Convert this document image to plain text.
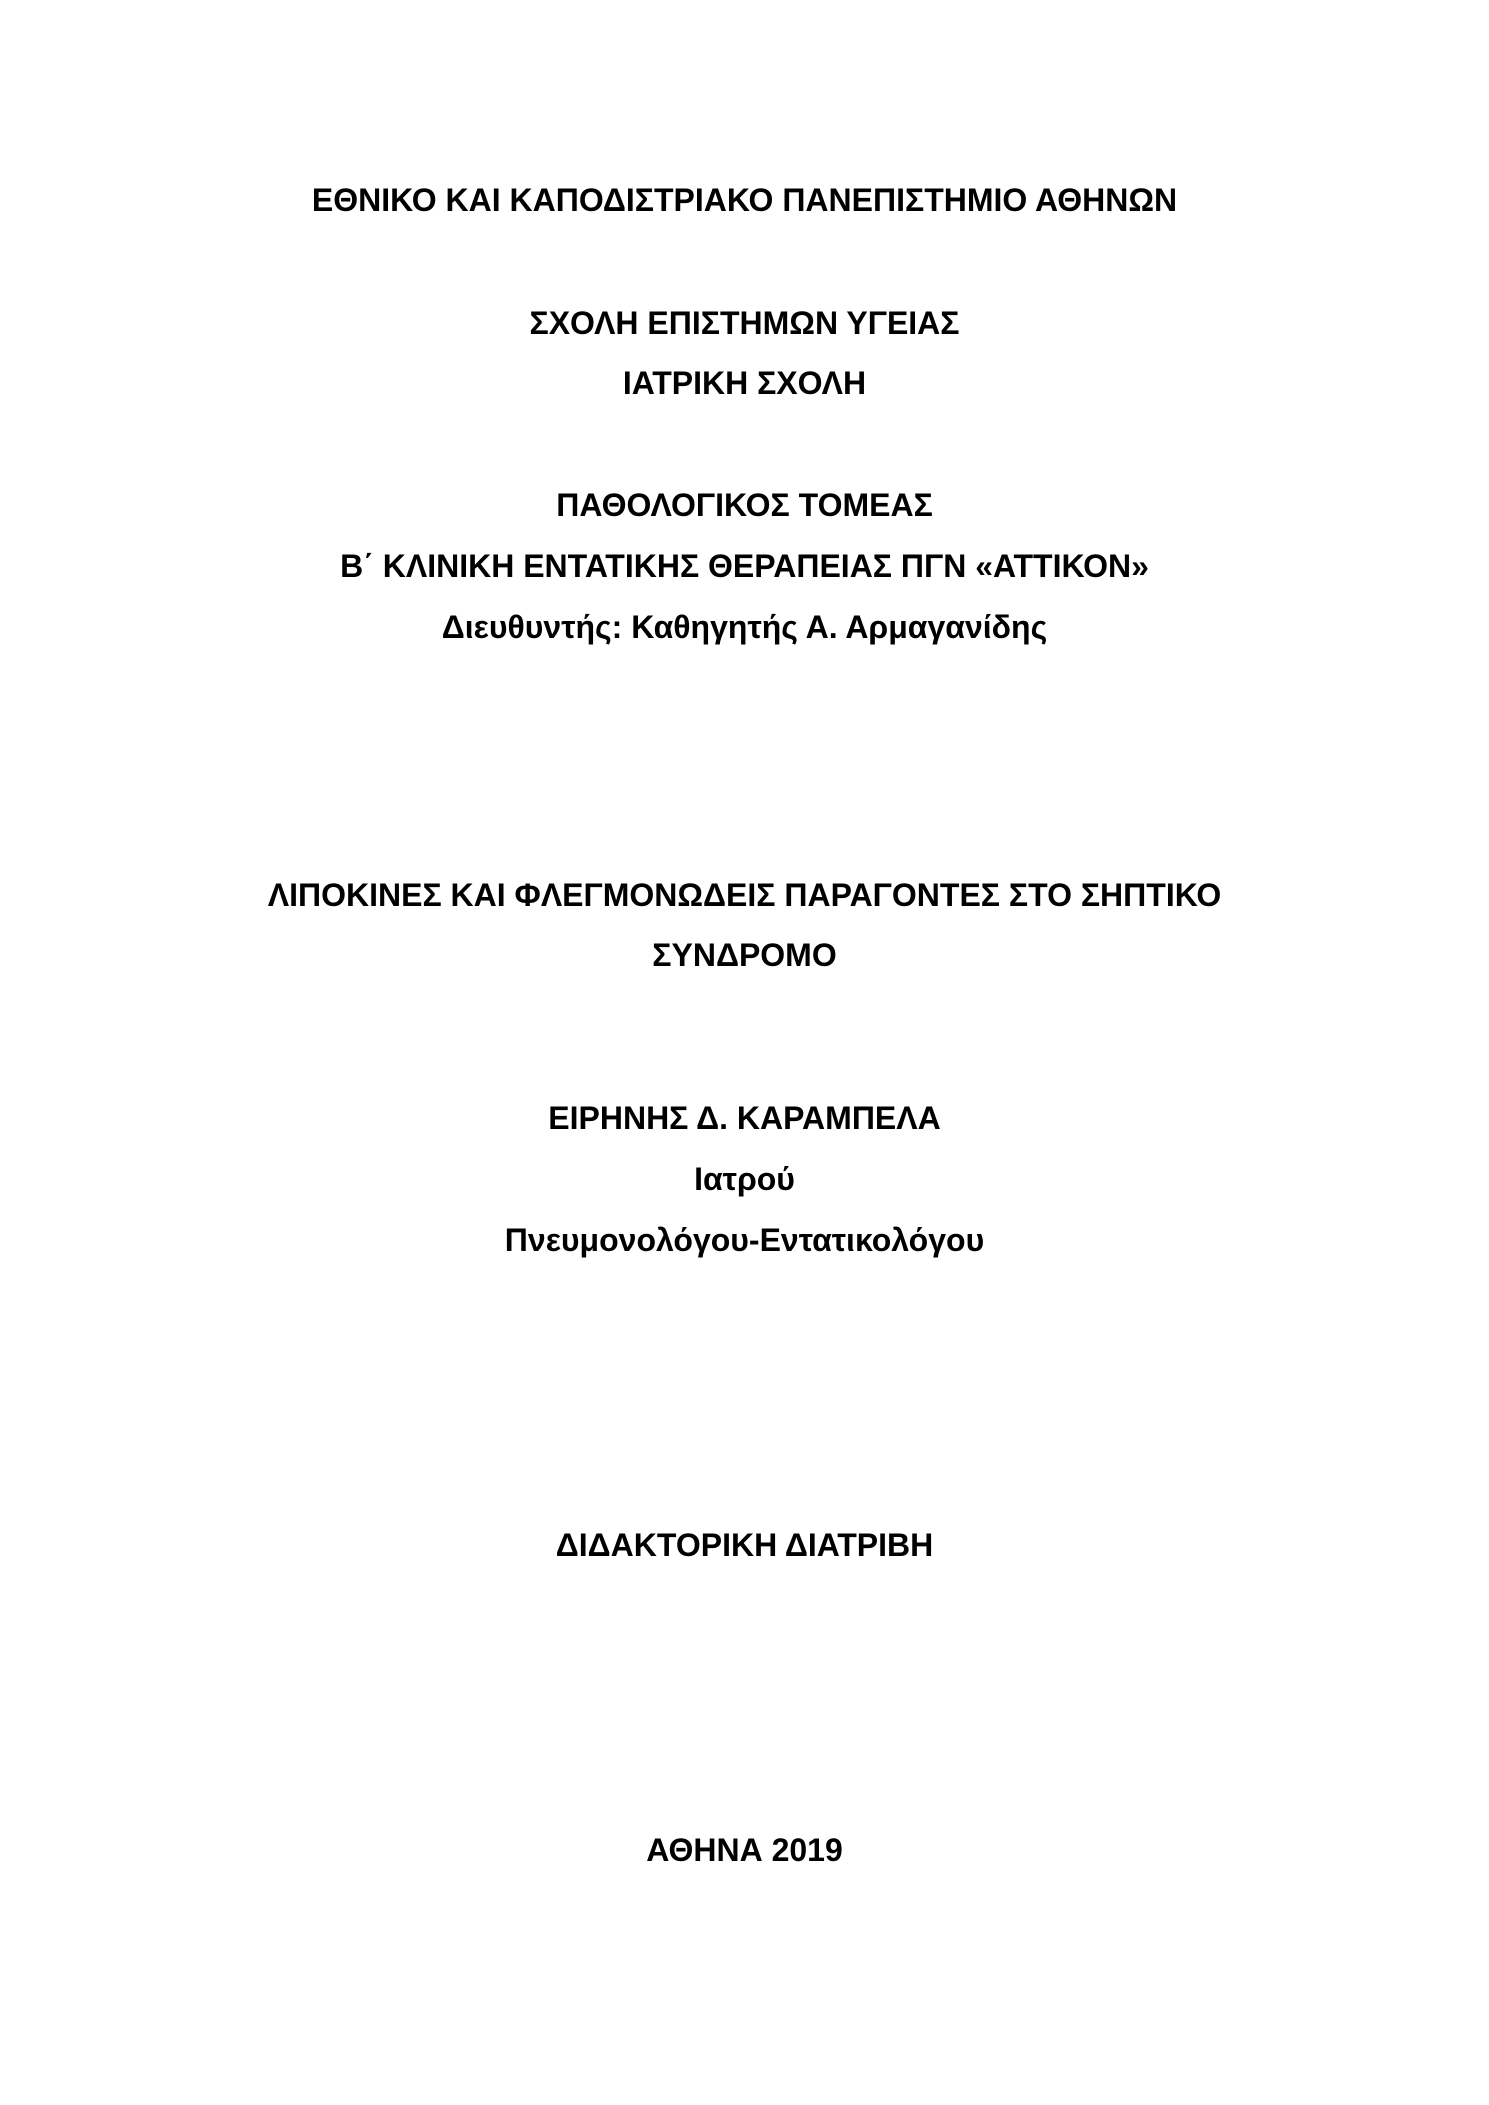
ΕΘΝΙΚΟ ΚΑΙ ΚΑΠΟΔΙΣΤΡΙΑΚΟ ΠΑΝΕΠΙΣΤΗΜΙΟ ΑΘΗΝΩΝ
ΣΧΟΛΗ ΕΠΙΣΤΗΜΩΝ ΥΓΕΙΑΣ
ΙΑΤΡΙΚΗ ΣΧΟΛΗ
ΠΑΘΟΛΟΓΙΚΟΣ ΤΟΜΕΑΣ
Β΄ ΚΛΙΝΙΚΗ ΕΝΤΑΤΙΚΗΣ ΘΕΡΑΠΕΙΑΣ ΠΓΝ «ΑΤΤΙΚΟΝ»
Διευθυντής: Καθηγητής Α. Αρμαγανίδης
ΛΙΠΟΚΙΝΕΣ ΚΑΙ ΦΛΕΓΜΟΝΩΔΕΙΣ ΠΑΡΑΓΟΝΤΕΣ ΣΤΟ ΣΗΠΤΙΚΟ
ΣΥΝΔΡΟΜΟ
ΕΙΡΗΝΗΣ Δ. ΚΑΡΑΜΠΕΛΑ
Ιατρού
Πνευμονολόγου-Εντατικολόγου
ΔΙΔΑΚΤΟΡΙΚΗ ΔΙΑΤΡΙΒΗ
ΑΘΗΝΑ 2019
